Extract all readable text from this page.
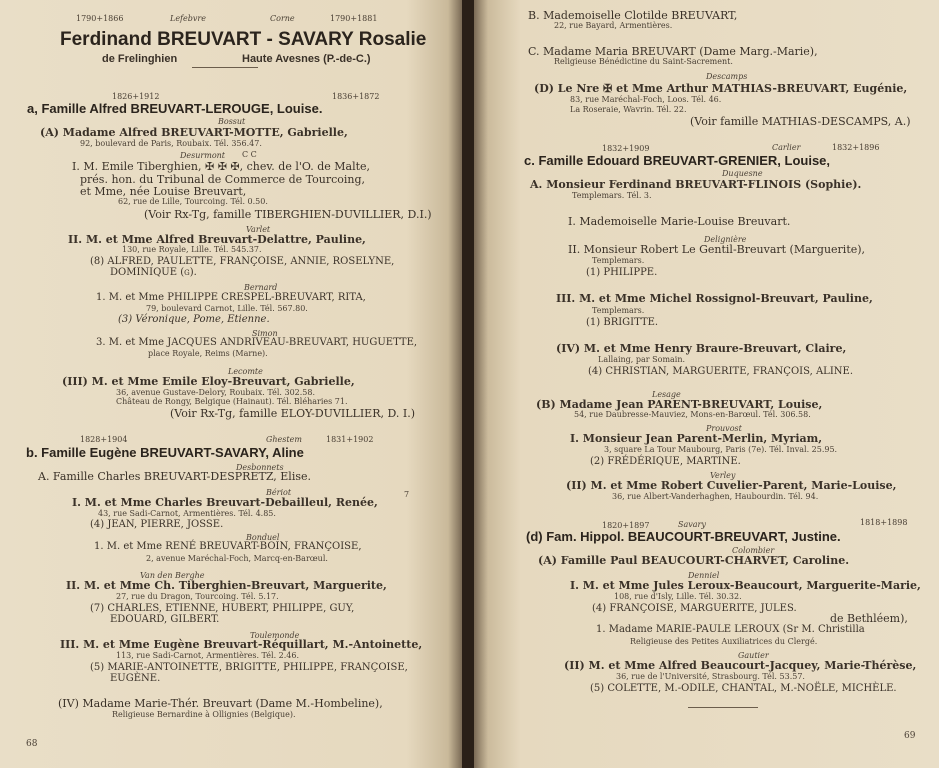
1790+1866	Lefebvre	Corne	1790+1881
Ferdinand BREUVART - SAVARY Rosalie
de Frelinghien	Haute Avesnes (P.-de-C.)
1826+1912	1836+1872
a, Famille Alfred BREUVART-LEROUGE, Louise.
Bossut
(A) Madame Alfred BREUVART-MOTTE, Gabrielle,
92, boulevard de Paris, Roubaix. Tél. 356.47.
Desurmont C C
I. M. Emile Tiberghien, ✠ ✠ ✠, chev. de l'O. de Malte,
prés. hon. du Tribunal de Commerce de Tourcoing,
et Mme, née Louise Breuvart,
62, rue de Lille, Tourcoing. Tél. 0.50.
(Voir Rx-Tg, famille TIBERGHIEN-DUVILLIER, D.I.)
Varlet
II. M. et Mme Alfred Breuvart-Delattre, Pauline,
130, rue Royale, Lille. Tél. 545.37.
(8) ALFRED, PAULETTE, FRANÇOISE, ANNIE, ROSELYNE,
DOMINIQUE (g).
Bernard
1. M. et Mme PHILIPPE CRESPEL-BREUVART, RITA,
79, boulevard Carnot, Lille. Tél. 567.80.
(3) Véronique, Pome, Etienne.
Simon
3. M. et Mme JACQUES ANDRIVEAU-BREUVART, HUGUETTE,
place Royale, Reims (Marne).
Lecomte
(III) M. et Mme Emile Eloy-Breuvart, Gabrielle,
36, avenue Gustave-Delory, Roubaix. Tél. 302.58.
Château de Rongy, Belgique (Hainaut). Tél. Bléharies 71.
(Voir Rx-Tg, famille ELOY-DUVILLIER, D. I.)
1828+1904	Ghestem	1831+1902
b. Famille Eugène BREUVART-SAVARY, Aline
Desbonnets
A. Famille Charles BREUVART-DESPRETZ, Elise.
Bériot	7
I. M. et Mme Charles Breuvart-Debailleul, Renée,
43, rue Sadi-Carnot, Armentières. Tél. 4.85.
(4) JEAN, PIERRE, JOSSE.
Bonduel
1. M. et Mme RENÉ BREUVART-BOIN, FRANÇOISE,
2, avenue Maréchal-Foch, Marcq-en-Barœul.
Van den Berghe
II. M. et Mme Ch. Tiberghien-Breuvart, Marguerite,
27, rue du Dragon, Tourcoing. Tél. 5.17.
(7) CHARLES, ETIENNE, HUBERT, PHILIPPE, GUY,
EDOUARD, GILBERT.
Toulemonde
III. M. et Mme Eugène Breuvart-Réquillart, M.-Antoinette,
113, rue Sadi-Carnot, Armentières. Tél. 2.46.
(5) MARIE-ANTOINETTE, BRIGITTE, PHILIPPE, FRANÇOISE,
EUGÈNE.
(IV) Madame Marie-Thér. Breuvart (Dame M.-Hombeline),
Religieuse Bernardine à Ollignies (Belgique).
68
B. Mademoiselle Clotilde BREUVART,
22, rue Bayard, Armentières.
C. Madame Maria BREUVART (Dame Marg.-Marie),
Religieuse Bénédictine du Saint-Sacrement.
Descamps
(D) Le Nre ✠ et Mme Arthur MATHIAS-BREUVART, Eugénie,
83, rue Maréchal-Foch, Loos. Tél. 46.
La Roseraie, Wavrin. Tél. 22.
(Voir famille MATHIAS-DESCAMPS, A.)
1832+1909	Carlier	1832+1896
c. Famille Edouard BREUVART-GRENIER, Louise,
Duquesne
A. Monsieur Ferdinand BREUVART-FLINOIS (Sophie).
Templemars. Tél. 3.
I. Mademoiselle Marie-Louise Breuvart.
Delignière
II. Monsieur Robert Le Gentil-Breuvart (Marguerite),
Templemars.
(1) PHILIPPE.
III. M. et Mme Michel Rossignol-Breuvart, Pauline,
Templemars.
(1) BRIGITTE.
(IV) M. et Mme Henry Braure-Breuvart, Claire,
Lallaing, par Somain.
(4) CHRISTIAN, MARGUERITE, FRANÇOIS, ALINE.
Lesage
(B) Madame Jean PARENT-BREUVART, Louise,
54, rue Daubresse-Mauviez, Mons-en-Barœul. Tél. 306.58.
Prouvost
I. Monsieur Jean Parent-Merlin, Myriam,
3, square La Tour Maubourg, Paris (7e). Tél. Inval. 25.95.
(2) FRÉDÉRIQUE, MARTINE.
Verley
(II) M. et Mme Robert Cuvelier-Parent, Marie-Louise,
36, rue Albert-Vanderhaghen, Haubourdin. Tél. 94.
1820+1897	Savary	1818+1898
(d) Fam. Hippol. BEAUCOURT-BREUVART, Justine.
Colombier
(A) Famille Paul BEAUCOURT-CHARVET, Caroline.
Denniel
I. M. et Mme Jules Leroux-Beaucourt, Marguerite-Marie,
108, rue d'Isly, Lille. Tél. 30.32.
(4) FRANÇOISE, MARGUERITE, JULES.
de Bethléem),
1. Madame MARIE-PAULE LEROUX (Sr M. Christilla
Religieuse des Petites Auxiliatrices du Clergé.
Gautier
(II) M. et Mme Alfred Beaucourt-Jacquey, Marie-Thérèse,
36, rue de l'Université, Strasbourg. Tél. 53.57.
(5) COLETTE, M.-ODILE, CHANTAL, M.-NOËLE, MICHÈLE.
69
